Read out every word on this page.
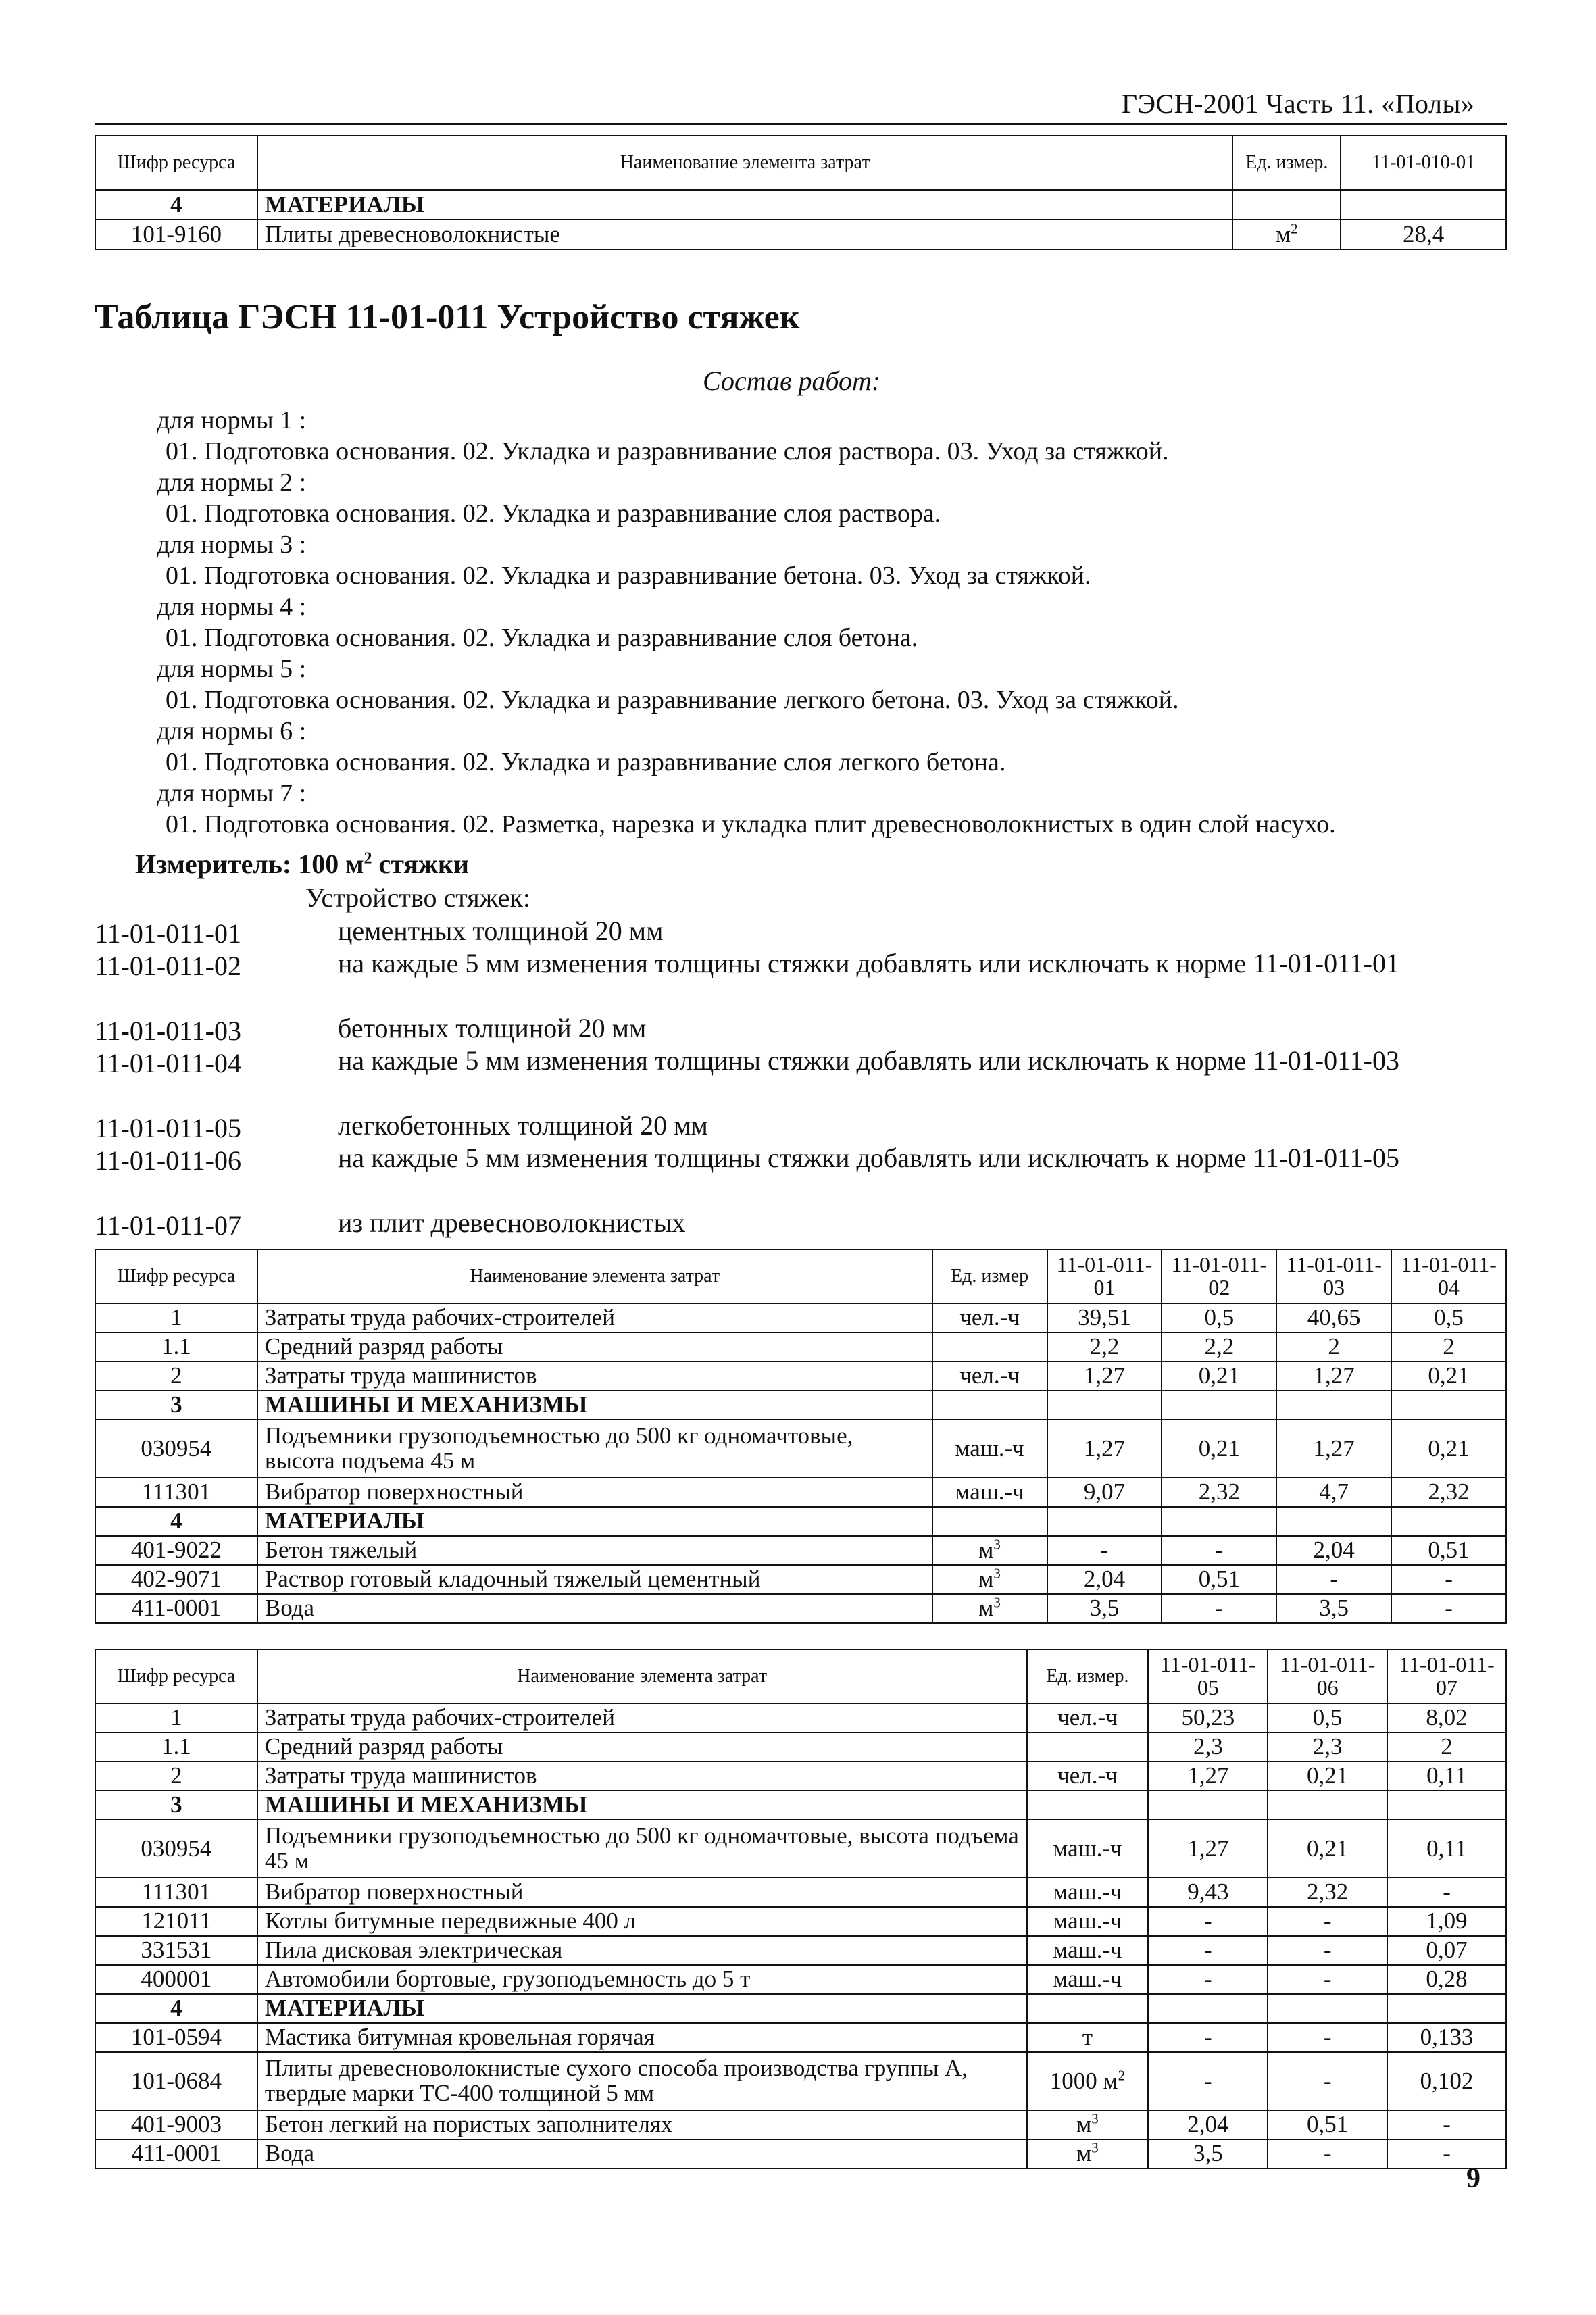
ГЭСН-2001 Часть 11. «Полы»
Шифр ресурса	Наименование элемента затрат	Ед. измер.	11-01-010-01
4	МАТЕРИАЛЫ		
101-9160	Плиты древесноволокнистые	$м^2$	28,4
Таблица ГЭСН 11-01-011 Устройство стяжек
Состав работ:
для нормы 1 :
01. Подготовка основания. 02. Укладка и разравнивание слоя раствора. 03. Уход за стяжкой.
для нормы 2 :
01. Подготовка основания. 02. Укладка и разравнивание слоя раствора.
для нормы 3 :
01. Подготовка основания. 02. Укладка и разравнивание бетона. 03. Уход за стяжкой.
для нормы 4 :
01. Подготовка основания. 02. Укладка и разравнивание слоя бетона.
для нормы 5 :
01. Подготовка основания. 02. Укладка и разравнивание легкого бетона. 03. Уход за стяжкой.
для нормы 6 :
01. Подготовка основания. 02. Укладка и разравнивание слоя легкого бетона.
для нормы 7 :
01. Подготовка основания. 02. Разметка, нарезка и укладка плит древесноволокнистых в один слой насухо.
Измеритель: 100 $м^2$ стяжки
Устройство стяжек:
11-01-011-01	цементных толщиной 20 мм
11-01-011-02	на каждые 5 мм изменения толщины стяжки добавлять или исключать к норме 11-01-011-01
11-01-011-03	бетонных толщиной 20 мм
11-01-011-04	на каждые 5 мм изменения толщины стяжки добавлять или исключать к норме 11-01-011-03
11-01-011-05	легкобетонных толщиной 20 мм
11-01-011-06	на каждые 5 мм изменения толщины стяжки добавлять или исключать к норме 11-01-011-05
11-01-011-07	из плит древесноволокнистых
Шифр ресурса	Наименование элемента затрат	Ед. измер	11-01-011-01	11-01-011-02	11-01-011-03	11-01-011-04
1	Затраты труда рабочих-строителей	чел.-ч	39,51	0,5	40,65	0,5
1.1	Средний разряд работы		2,2	2,2	2	2
2	Затраты труда машинистов	чел.-ч	1,27	0,21	1,27	0,21
3	МАШИНЫ И МЕХАНИЗМЫ					
030954	Подъемники грузоподъемностью до 500 кг одномачтовые, высота подъема 45 м	маш.-ч	1,27	0,21	1,27	0,21
111301	Вибратор поверхностный	маш.-ч	9,07	2,32	4,7	2,32
4	МАТЕРИАЛЫ					
401-9022	Бетон тяжелый	$м^3$	-	-	2,04	0,51
402-9071	Раствор готовый кладочный тяжелый цементный	$м^3$	2,04	0,51	-	-
411-0001	Вода	$м^3$	3,5	-	3,5	-
Шифр ресурса	Наименование элемента затрат	Ед. измер.	11-01-011-05	11-01-011-06	11-01-011-07
1	Затраты труда рабочих-строителей	чел.-ч	50,23	0,5	8,02
1.1	Средний разряд работы		2,3	2,3	2
2	Затраты труда машинистов	чел.-ч	1,27	0,21	0,11
3	МАШИНЫ И МЕХАНИЗМЫ				
030954	Подъемники грузоподъемностью до 500 кг одномачтовые, высота подъема 45 м	маш.-ч	1,27	0,21	0,11
111301	Вибратор поверхностный	маш.-ч	9,43	2,32	-
121011	Котлы битумные передвижные 400 л	маш.-ч	-	-	1,09
331531	Пила дисковая электрическая	маш.-ч	-	-	0,07
400001	Автомобили бортовые, грузоподъемность до 5 т	маш.-ч	-	-	0,28
4	МАТЕРИАЛЫ				
101-0594	Мастика битумная кровельная горячая	т	-	-	0,133
101-0684	Плиты древесноволокнистые сухого способа производства группы А, твердые марки ТС-400 толщиной 5 мм	1000 $м^2$	-	-	0,102
401-9003	Бетон легкий на пористых заполнителях	$м^3$	2,04	0,51	-
411-0001	Вода	$м^3$	3,5	-	-
9
